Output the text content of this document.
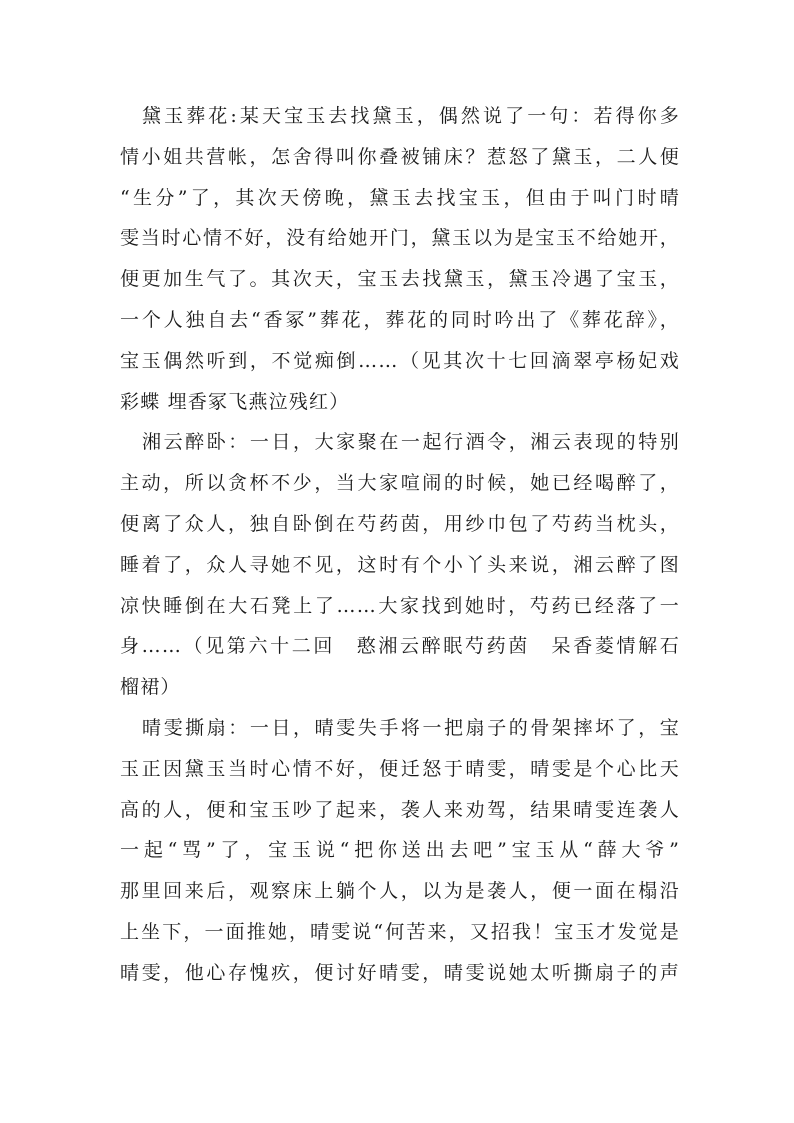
黛玉葬花:某天宝玉去找黛玉，偶然说了一句：若得你多
情小姐共营帐，怎舍得叫你叠被铺床？惹怒了黛玉，二人便
“生分”了，其次天傍晚，黛玉去找宝玉，但由于叫门时晴
雯当时心情不好，没有给她开门，黛玉以为是宝玉不给她开，
便更加生气了。其次天，宝玉去找黛玉，黛玉冷遇了宝玉，
一个人独自去“香冢”葬花，葬花的同时吟出了《葬花辞》，
宝玉偶然听到，不觉痴倒……（见其次十七回滴翠亭杨妃戏
彩蝶 埋香冢飞燕泣残红）
湘云醉卧：一日，大家聚在一起行酒令，湘云表现的特别
主动，所以贪杯不少，当大家喧闹的时候，她已经喝醉了，
便离了众人，独自卧倒在芍药茵，用纱巾包了芍药当枕头，
睡着了，众人寻她不见，这时有个小丫头来说，湘云醉了图
凉快睡倒在大石凳上了……大家找到她时，芍药已经落了一
身……（见第六十二回　憨湘云醉眠芍药茵　呆香菱情解石
榴裙）
晴雯撕扇：一日，晴雯失手将一把扇子的骨架摔坏了，宝
玉正因黛玉当时心情不好，便迁怒于晴雯，晴雯是个心比天
高的人，便和宝玉吵了起来，袭人来劝驾，结果晴雯连袭人
一起“骂”了，宝玉说“把你送出去吧”宝玉从“薛大爷”
那里回来后，观察床上躺个人，以为是袭人，便一面在榻沿
上坐下，一面推她，晴雯说“何苦来，又招我！宝玉才发觉是
晴雯，他心存愧疚，便讨好晴雯，晴雯说她太听撕扇子的声
